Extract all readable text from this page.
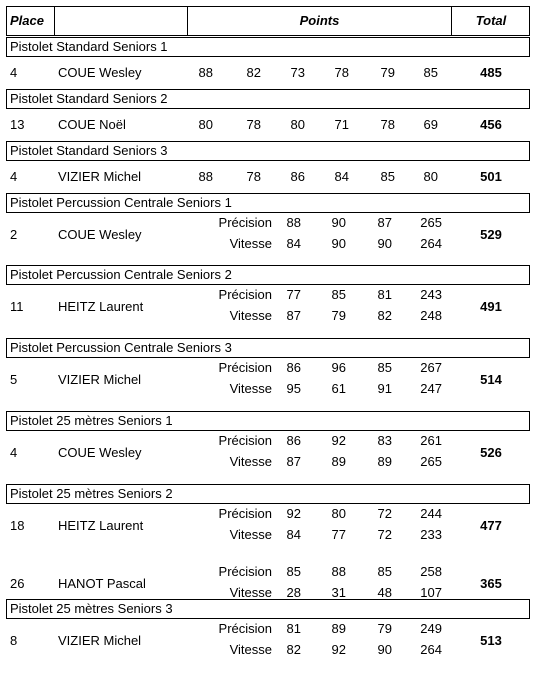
Place	Points	Total
Pistolet Standard Seniors 1
4	COUE Wesley	88	82	73	78	79	85	485
Pistolet Standard Seniors 2
13	COUE Noël	80	78	80	71	78	69	456
Pistolet Standard Seniors 3
4	VIZIER Michel	88	78	86	84	85	80	501
Pistolet Percussion Centrale Seniors 1
2	COUE Wesley
Précision	88	90	87	265
Vitesse	84	90	90	264
529
Pistolet Percussion Centrale Seniors 2
11	HEITZ Laurent
Précision	77	85	81	243
Vitesse	87	79	82	248
491
Pistolet Percussion Centrale Seniors 3
5	VIZIER Michel
Précision	86	96	85	267
Vitesse	95	61	91	247
514
Pistolet 25 mètres Seniors 1
4	COUE Wesley
Précision	86	92	83	261
Vitesse	87	89	89	265
526
Pistolet 25 mètres Seniors 2
18	HEITZ Laurent
Précision	92	80	72	244
Vitesse	84	77	72	233
477
26	HANOT Pascal
Précision	85	88	85	258
Vitesse	28	31	48	107
365
Pistolet 25 mètres Seniors 3
8	VIZIER Michel
Précision	81	89	79	249
Vitesse	82	92	90	264
513
